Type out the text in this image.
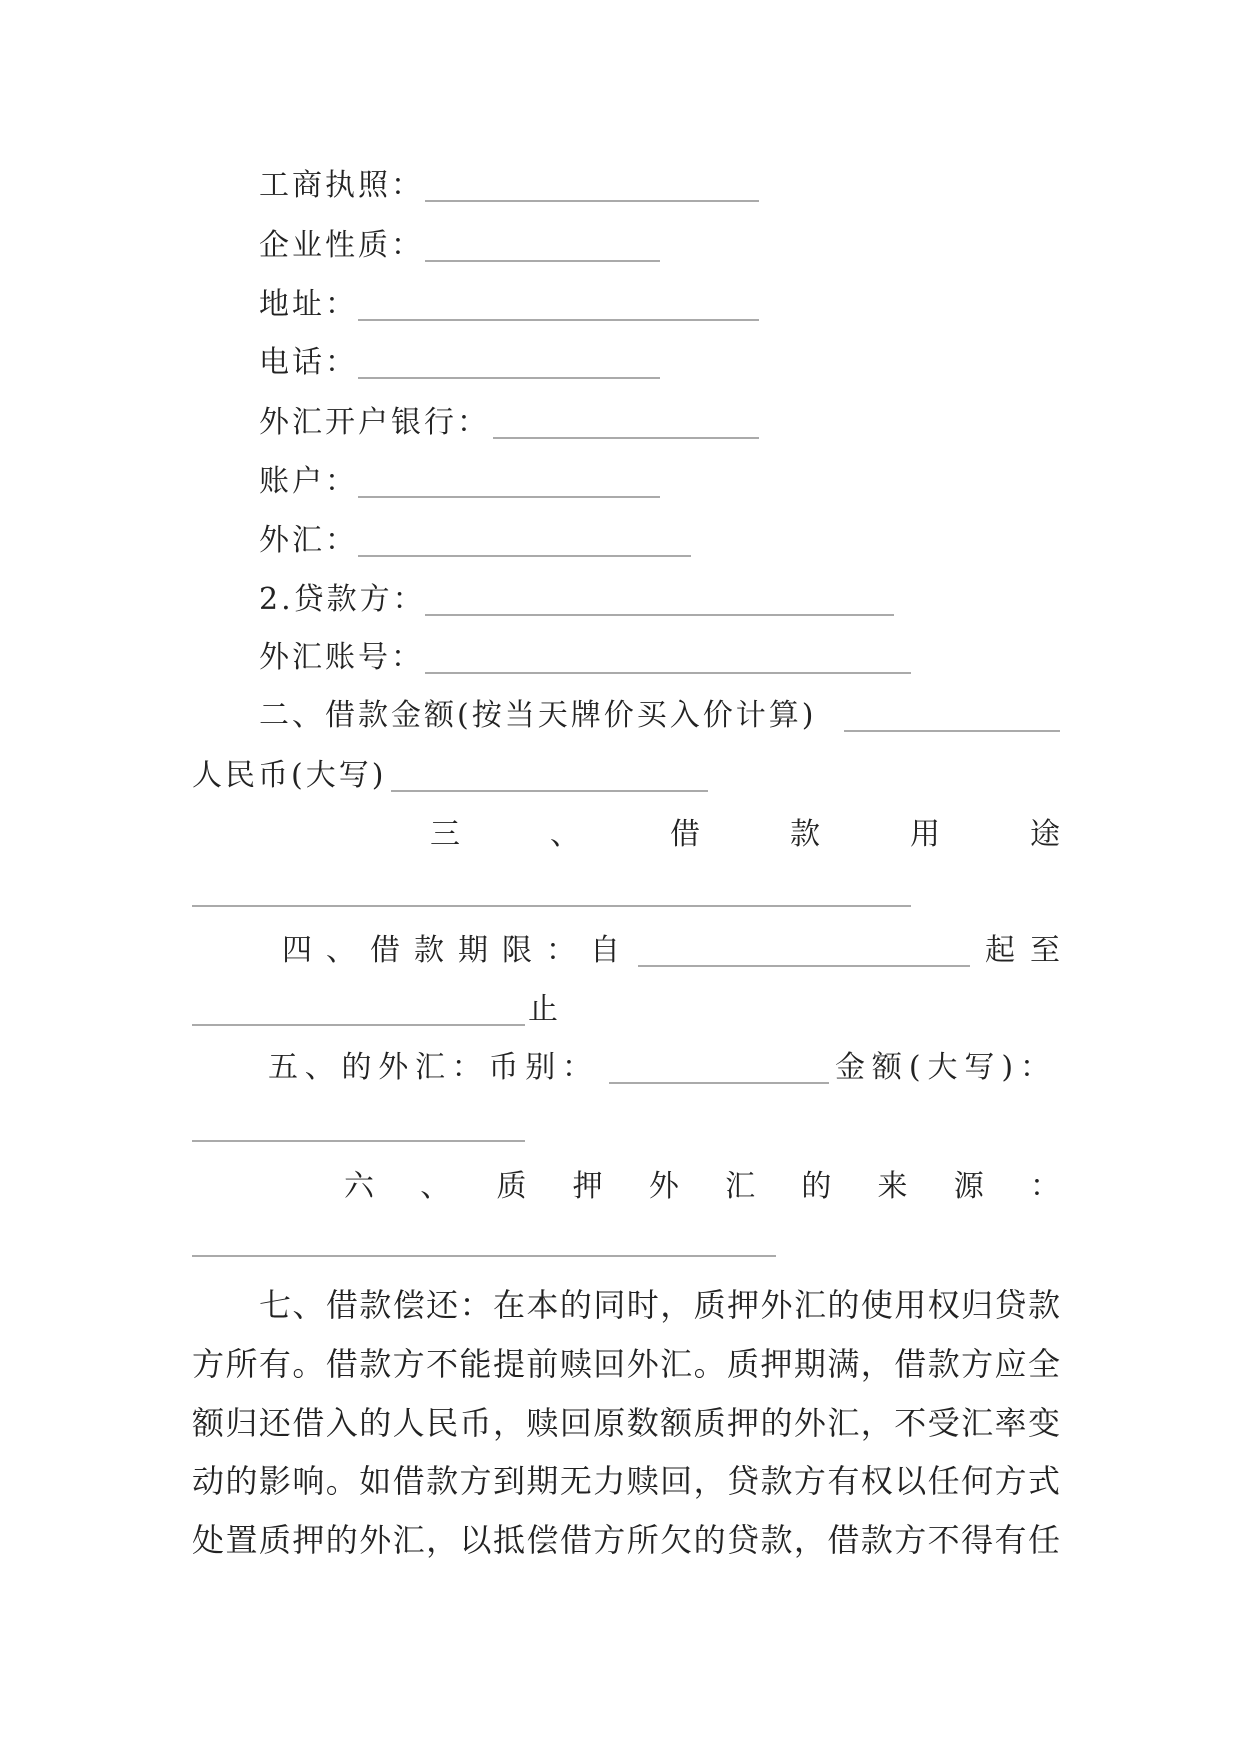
工商执照：
企业性质：
地址：
电话：
外汇开户银行：
账户：
外汇：
2.贷款方：
外汇账号：
二、借款金额(按当天牌价买入价计算)
人民币(大写)
三、借款用途
四、借款期限：自	起至
止
五、的外汇：币别：	金额(大写)：
六、质押外汇的来源：
七、借款偿还：在本的同时，质押外汇的使用权归贷款
方所有。借款方不能提前赎回外汇。质押期满，借款方应全
额归还借入的人民币，赎回原数额质押的外汇，不受汇率变
动的影响。如借款方到期无力赎回，贷款方有权以任何方式
处置质押的外汇，以抵偿借方所欠的贷款，借款方不得有任
